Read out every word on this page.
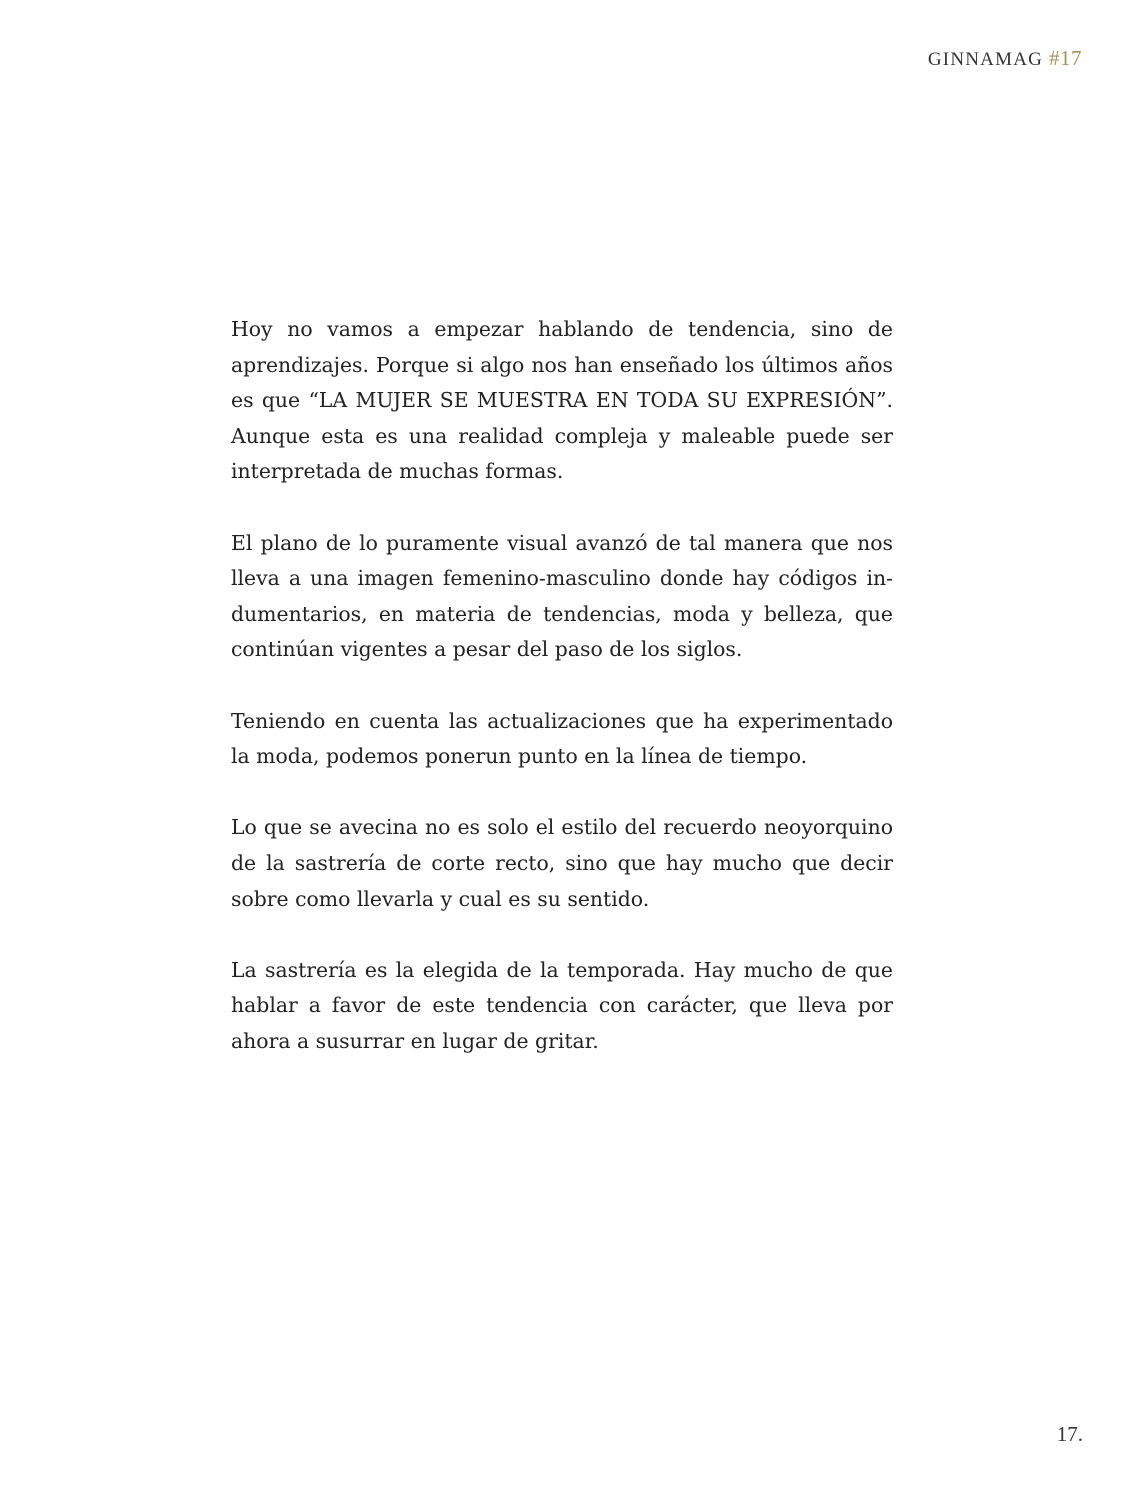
GINNAMAG #17

Hoy no vamos a empezar hablando de tendencia, sino de aprendizajes. Porque si algo nos han enseñado los últimos años es que “LA MUJER SE MUESTRA EN TODA SU EXPRESIÓN”. Aunque esta es una realidad compleja y maleable puede ser interpretada de muchas formas.

El plano de lo puramente visual avanzó de tal manera que nos lleva a una imagen femenino-masculino donde hay códigos indumentarios, en materia de tendencias, moda y belleza, que continúan vigentes a pesar del paso de los siglos.

Teniendo en cuenta las actualizaciones que ha experimentado la moda, podemos ponerun punto en la línea de tiempo.

Lo que se avecina no es solo el estilo del recuerdo neoyorquino de la sastrería de corte recto, sino que hay mucho que decir sobre como llevarla y cual es su sentido.

La sastrería es la elegida de la temporada. Hay mucho de que hablar a favor de este tendencia con carácter, que lleva por ahora a susurrar en lugar de gritar.

17.
